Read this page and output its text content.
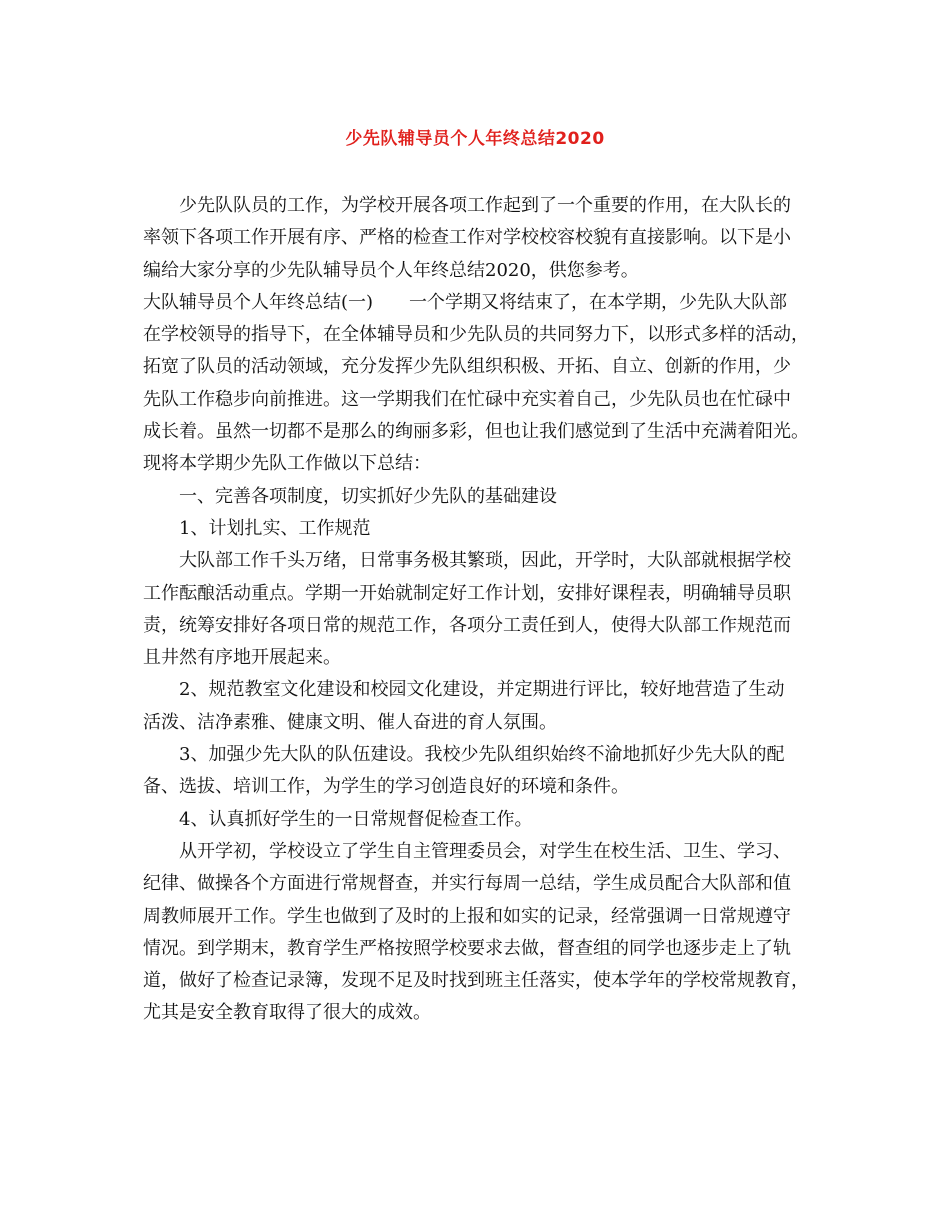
少先队辅导员个人年终总结2020
少先队队员的工作，为学校开展各项工作起到了一个重要的作用，在大队长的
率领下各项工作开展有序、严格的检查工作对学校校容校貌有直接影响。以下是小
编给大家分享的少先队辅导员个人年终总结2020，供您参考。
大队辅导员个人年终总结(一)　　一个学期又将结束了，在本学期，少先队大队部
在学校领导的指导下，在全体辅导员和少先队员的共同努力下，以形式多样的活动，
拓宽了队员的活动领域，充分发挥少先队组织积极、开拓、自立、创新的作用，少
先队工作稳步向前推进。这一学期我们在忙碌中充实着自己，少先队员也在忙碌中
成长着。虽然一切都不是那么的绚丽多彩，但也让我们感觉到了生活中充满着阳光。
现将本学期少先队工作做以下总结：
一、完善各项制度，切实抓好少先队的基础建设
1、计划扎实、工作规范
大队部工作千头万绪，日常事务极其繁琐，因此，开学时，大队部就根据学校
工作酝酿活动重点。学期一开始就制定好工作计划，安排好课程表，明确辅导员职
责，统筹安排好各项日常的规范工作，各项分工责任到人，使得大队部工作规范而
且井然有序地开展起来。
2、规范教室文化建设和校园文化建设，并定期进行评比，较好地营造了生动
活泼、洁净素雅、健康文明、催人奋进的育人氛围。
3、加强少先大队的队伍建设。我校少先队组织始终不渝地抓好少先大队的配
备、选拔、培训工作，为学生的学习创造良好的环境和条件。
4、认真抓好学生的一日常规督促检查工作。
从开学初，学校设立了学生自主管理委员会，对学生在校生活、卫生、学习、
纪律、做操各个方面进行常规督查，并实行每周一总结，学生成员配合大队部和值
周教师展开工作。学生也做到了及时的上报和如实的记录，经常强调一日常规遵守
情况。到学期末，教育学生严格按照学校要求去做，督查组的同学也逐步走上了轨
道，做好了检查记录簿，发现不足及时找到班主任落实，使本学年的学校常规教育，
尤其是安全教育取得了很大的成效。
